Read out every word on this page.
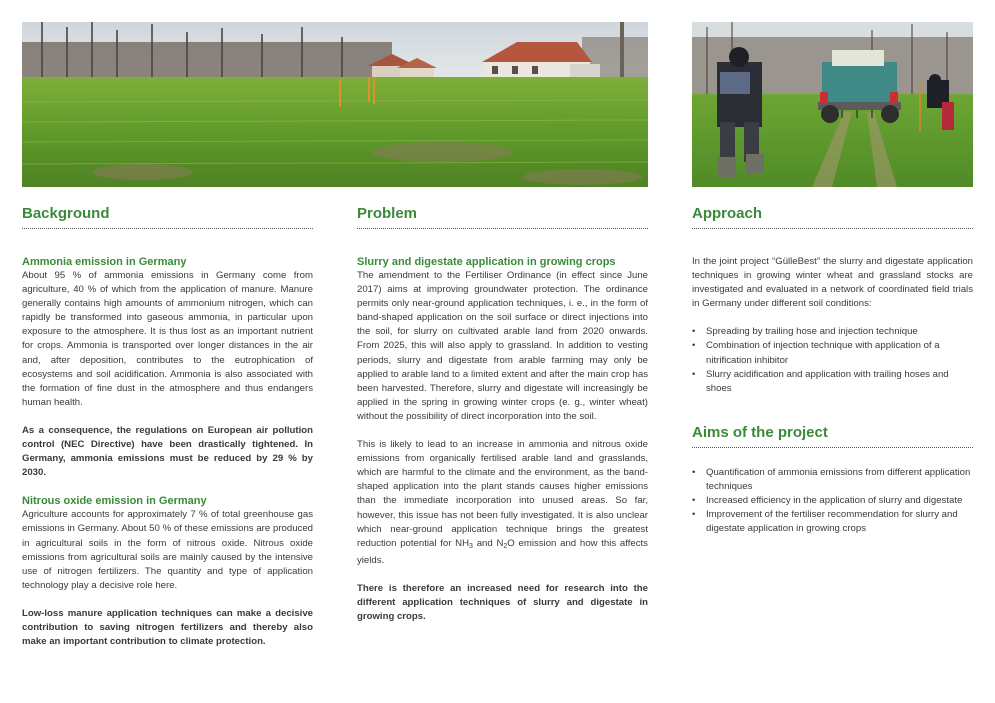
Background
Ammonia emission in Germany

About 95 % of ammonia emissions in Germany come from agriculture, 40 % of which from the application of manure. Manure generally contains high amounts of ammonium nitrogen, which can rapidly be transformed into gaseous ammonia, in particular upon exposure to the atmosphere. It is thus lost as an important nutrient for crops. Ammonia is transported over longer distances in the air and, after deposition, contributes to the eutrophication of ecosystems and soil acidification. Ammonia is also associated with the formation of fine dust in the atmosphere and thus endangers human health.

As a consequence, the regulations on European air pollution control (NEC Directive) have been drastically tightened. In Germany, ammonia emissions must be reduced by 29 % by 2030.

Nitrous oxide emission in Germany

Agriculture accounts for approximately 7 % of total greenhouse gas emissions in Germany. About 50 % of these emissions are produced in agricultural soils in the form of nitrous oxide. Nitrous oxide emissions from agricultural soils are mainly caused by the intensive use of nitrogen fertilizers. The quantity and type of application technology play a decisive role here.

Low-loss manure application techniques can make a decisive contribution to saving nitrogen fertilizers and thereby also make an important contribution to climate protection.

Problem
Slurry and digestate application in growing crops

The amendment to the Fertiliser Ordinance (in effect since June 2017) aims at improving groundwater protection. The ordinance permits only near-ground application techniques, i. e., in the form of band-shaped application on the soil surface or direct injections into the soil, for slurry on cultivated arable land from 2020 onwards. From 2025, this will also apply to grassland. In addition to vesting periods, slurry and digestate from arable farming may only be applied to arable land to a limited extent and after the main crop has been harvested. Therefore, slurry and digestate will increasingly be applied in the spring in growing winter crops (e. g., winter wheat) without the possibility of direct incorporation into the soil.

This is likely to lead to an increase in ammonia and nitrous oxide emissions from organically fertilised arable land and grasslands, which are harmful to the climate and the environment, as the band-shaped application into the plant stands causes higher emissions than the immediate incorporation into unused areas. So far, however, this issue has not been fully investigated. It is also unclear which near-ground application technique brings the greatest reduction potential for $NH_3$ and $N_2O$ emission and how this affects yields.

There is therefore an increased need for research into the different application techniques of slurry and digestate in growing crops.

Approach

In the joint project “GülleBest” the slurry and digestate application techniques in growing winter wheat and grassland stocks are investigated and evaluated in a network of coordinated field trials in Germany under different soil conditions:

• Spreading by trailing hose and injection technique
• Combination of injection technique with application of a nitrification inhibitor
• Slurry acidification and application with trailing hoses and shoes
Aims of the project
• Quantification of ammonia emissions from different application techniques
• Increased efficiency in the application of slurry and digestate
• Improvement of the fertiliser recommendation for slurry and digestate application in growing crops
